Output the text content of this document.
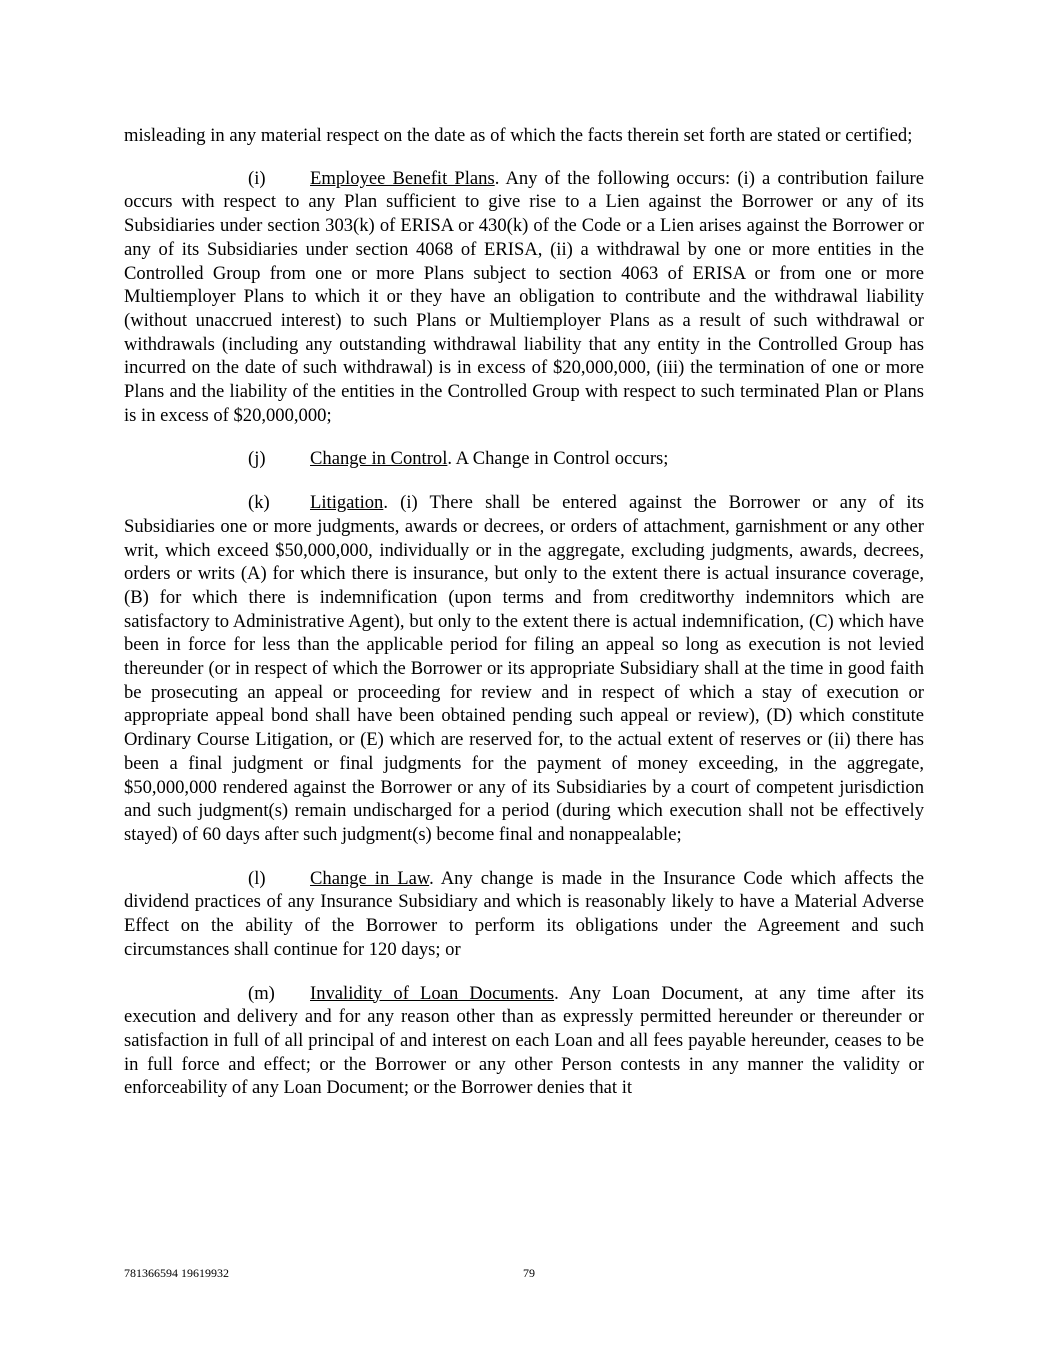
misleading in any material respect on the date as of which the facts therein set forth are stated or certified;

(i) Employee Benefit Plans. Any of the following occurs: (i) a contribution failure occurs with respect to any Plan sufficient to give rise to a Lien against the Borrower or any of its Subsidiaries under section 303(k) of ERISA or 430(k) of the Code or a Lien arises against the Borrower or any of its Subsidiaries under section 4068 of ERISA, (ii) a withdrawal by one or more entities in the Controlled Group from one or more Plans subject to section 4063 of ERISA or from one or more Multiemployer Plans to which it or they have an obligation to contribute and the withdrawal liability (without unaccrued interest) to such Plans or Multiemployer Plans as a result of such withdrawal or withdrawals (including any outstanding withdrawal liability that any entity in the Controlled Group has incurred on the date of such withdrawal) is in excess of $20,000,000, (iii) the termination of one or more Plans and the liability of the entities in the Controlled Group with respect to such terminated Plan or Plans is in excess of $20,000,000;

(j) Change in Control. A Change in Control occurs;

(k) Litigation. (i) There shall be entered against the Borrower or any of its Subsidiaries one or more judgments, awards or decrees, or orders of attachment, garnishment or any other writ, which exceed $50,000,000, individually or in the aggregate, excluding judgments, awards, decrees, orders or writs (A) for which there is insurance, but only to the extent there is actual insurance coverage, (B) for which there is indemnification (upon terms and from creditworthy indemnitors which are satisfactory to Administrative Agent), but only to the extent there is actual indemnification, (C) which have been in force for less than the applicable period for filing an appeal so long as execution is not levied thereunder (or in respect of which the Borrower or its appropriate Subsidiary shall at the time in good faith be prosecuting an appeal or proceeding for review and in respect of which a stay of execution or appropriate appeal bond shall have been obtained pending such appeal or review), (D) which constitute Ordinary Course Litigation, or (E) which are reserved for, to the actual extent of reserves or (ii) there has been a final judgment or final judgments for the payment of money exceeding, in the aggregate, $50,000,000 rendered against the Borrower or any of its Subsidiaries by a court of competent jurisdiction and such judgment(s) remain undischarged for a period (during which execution shall not be effectively stayed) of 60 days after such judgment(s) become final and nonappealable;

(l) Change in Law. Any change is made in the Insurance Code which affects the dividend practices of any Insurance Subsidiary and which is reasonably likely to have a Material Adverse Effect on the ability of the Borrower to perform its obligations under the Agreement and such circumstances shall continue for 120 days; or

(m) Invalidity of Loan Documents. Any Loan Document, at any time after its execution and delivery and for any reason other than as expressly permitted hereunder or thereunder or satisfaction in full of all principal of and interest on each Loan and all fees payable hereunder, ceases to be in full force and effect; or the Borrower or any other Person contests in any manner the validity or enforceability of any Loan Document; or the Borrower denies that it

781366594 19619932	79
